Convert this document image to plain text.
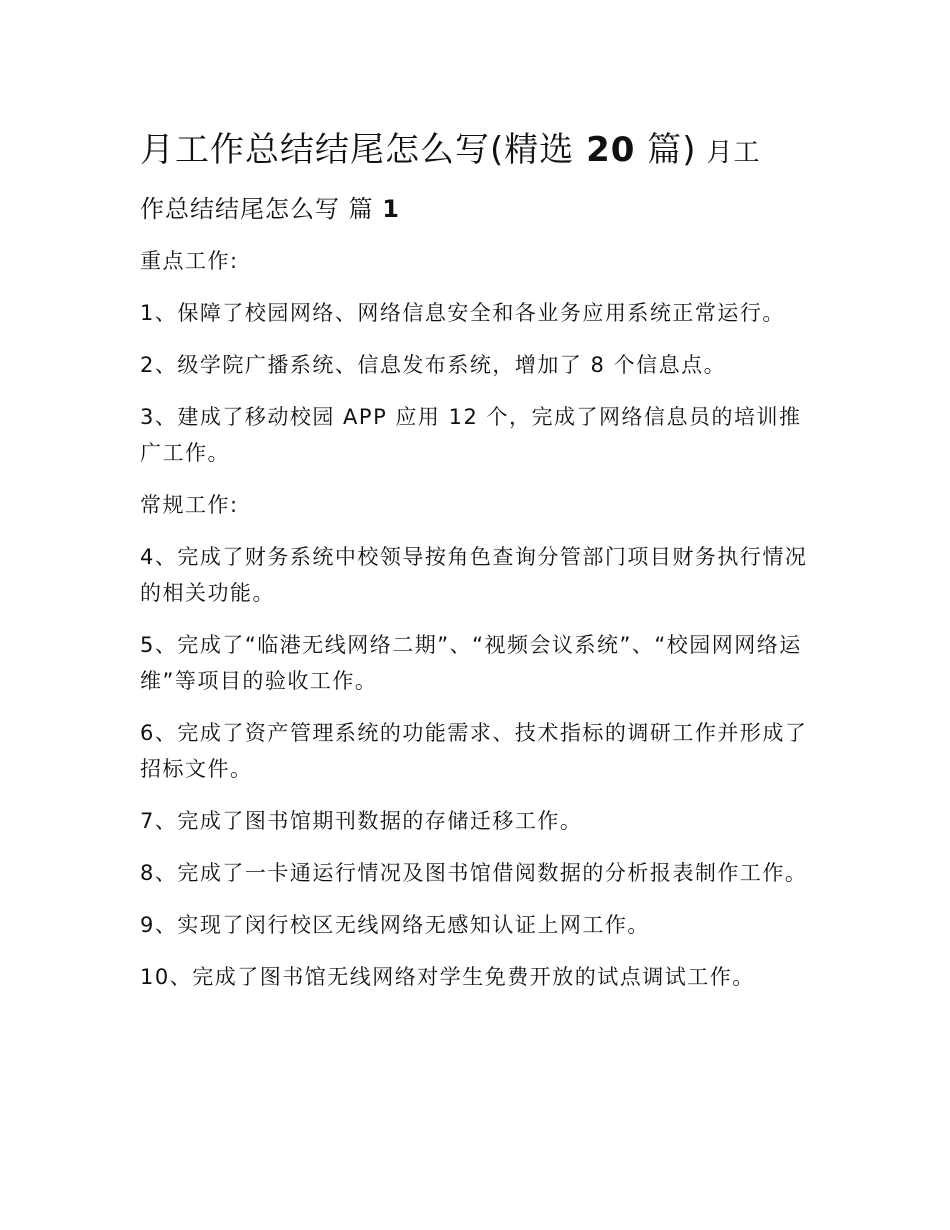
月工作总结结尾怎么写(精选 20 篇) 月工
作总结结尾怎么写 篇 1

重点工作:

1、保障了校园网络、网络信息安全和各业务应用系统正常运行。

2、级学院广播系统、信息发布系统，增加了 8 个信息点。

3、建成了移动校园 APP 应用 12 个，完成了网络信息员的培训推广工作。

常规工作:

4、完成了财务系统中校领导按角色查询分管部门项目财务执行情况的相关功能。

5、完成了“临港无线网络二期”、“视频会议系统”、“校园网网络运维”等项目的验收工作。

6、完成了资产管理系统的功能需求、技术指标的调研工作并形成了招标文件。

7、完成了图书馆期刊数据的存储迁移工作。

8、完成了一卡通运行情况及图书馆借阅数据的分析报表制作工作。

9、实现了闵行校区无线网络无感知认证上网工作。

10、完成了图书馆无线网络对学生免费开放的试点调试工作。
